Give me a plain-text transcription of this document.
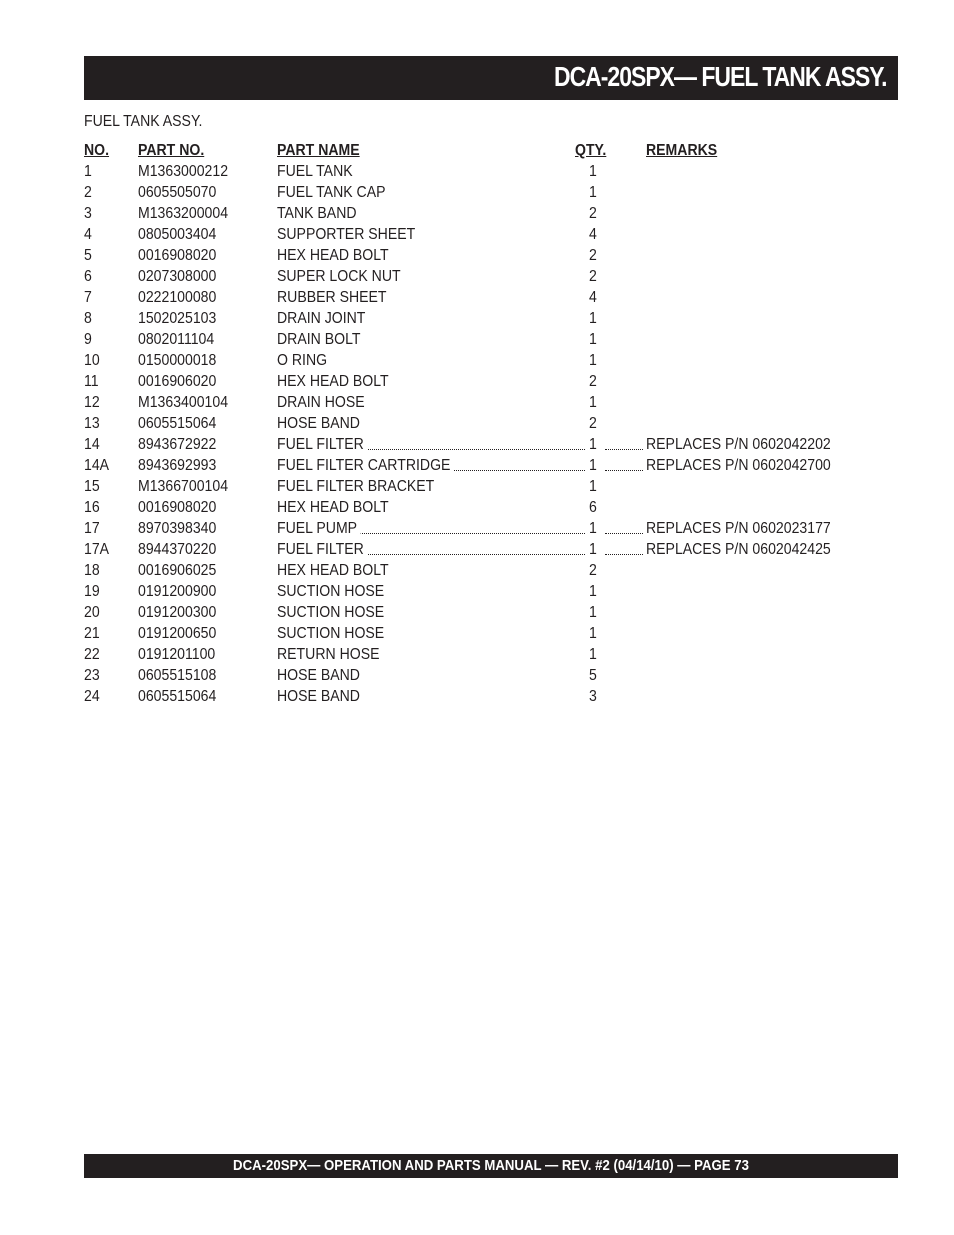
DCA-20SPX— FUEL TANK ASSY.
FUEL TANK ASSY.
NO. PART NO.	PART NAME	QTY. REMARKS
1	M1363000212	FUEL TANK	1
2	0605505070	FUEL TANK CAP	1
3	M1363200004	TANK BAND	2
4	0805003404	SUPPORTER SHEET	4
5	0016908020	HEX HEAD BOLT	2
6	0207308000	SUPER LOCK NUT	2
7	0222100080	RUBBER SHEET	4
8	1502025103	DRAIN JOINT	1
9	0802011104	DRAIN BOLT	1
10 0150000018	O RING	1
11 0016906020	HEX HEAD BOLT	2
12 M1363400104	DRAIN HOSE	1
13 0605515064	HOSE BAND	2
14 8943672922	FUEL FILTER	1	REPLACES P/N 0602042202
14A 8943692993	FUEL FILTER CARTRIDGE	1	REPLACES P/N 0602042700
15 M1366700104	FUEL FILTER BRACKET	1
16 0016908020	HEX HEAD BOLT	6
17 8970398340	FUEL PUMP	1	REPLACES P/N 0602023177
17A 8944370220	FUEL FILTER	1	REPLACES P/N 0602042425
18 0016906025	HEX HEAD BOLT	2
19 0191200900	SUCTION HOSE	1
20 0191200300	SUCTION HOSE	1
21 0191200650	SUCTION HOSE	1
22 0191201100	RETURN HOSE	1
23 0605515108	HOSE BAND	5
24 0605515064	HOSE BAND	3
DCA-20SPX— OPERATION AND PARTS MANUAL — REV. #2 (04/14/10) — PAGE 73
